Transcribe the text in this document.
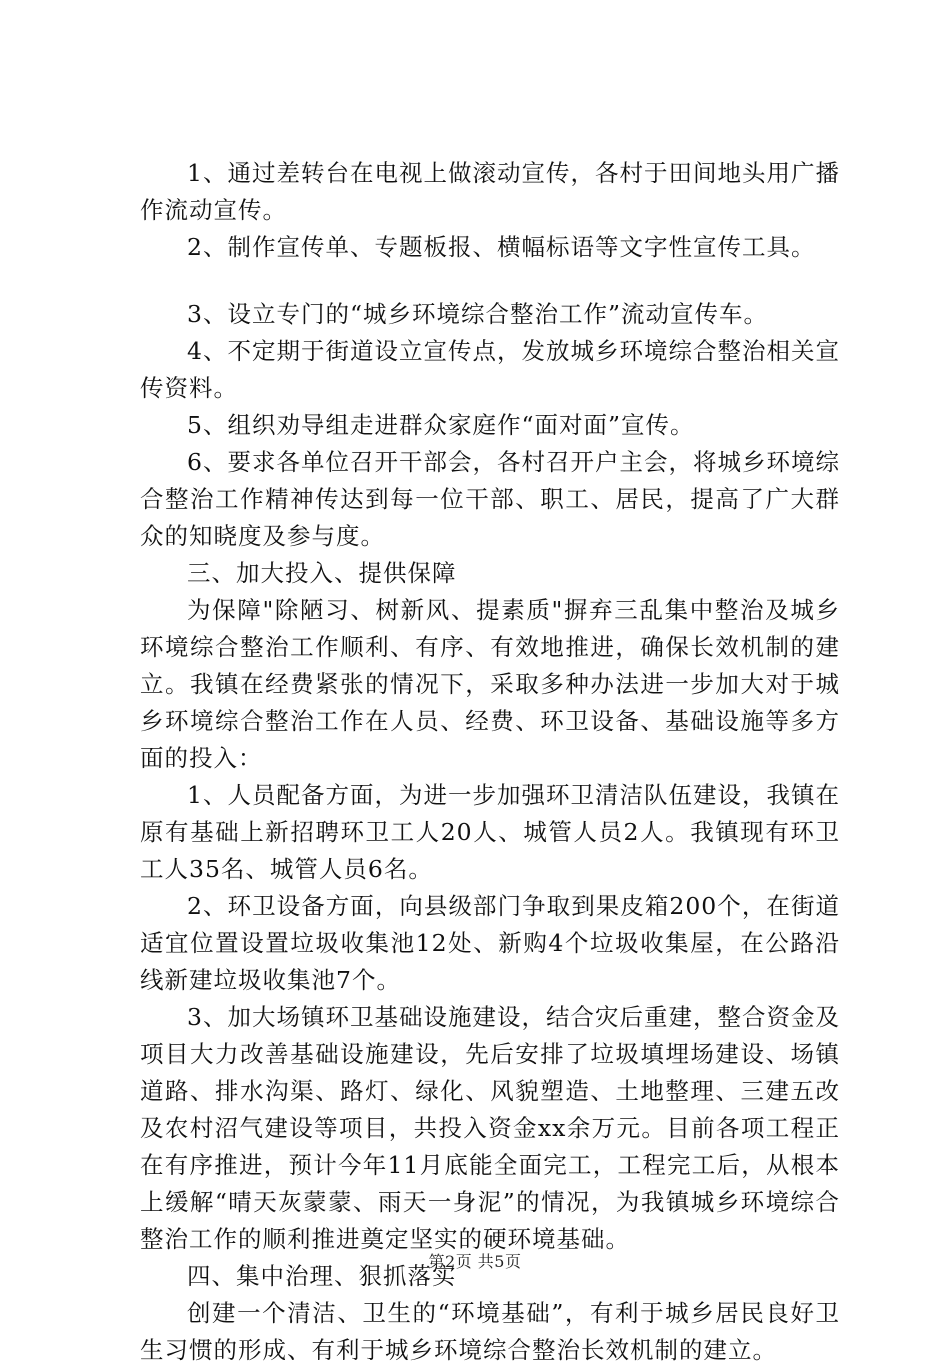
1、通过差转台在电视上做滚动宣传，各村于田间地头用广播作流动宣传。

2、制作宣传单、专题板报、横幅标语等文字性宣传工具。

3、设立专门的“城乡环境综合整治工作”流动宣传车。

4、不定期于街道设立宣传点，发放城乡环境综合整治相关宣传资料。

5、组织劝导组走进群众家庭作“面对面”宣传。

6、要求各单位召开干部会，各村召开户主会，将城乡环境综合整治工作精神传达到每一位干部、职工、居民，提高了广大群众的知晓度及参与度。

三、加大投入、提供保障

为保障"除陋习、树新风、提素质"摒弃三乱集中整治及城乡环境综合整治工作顺利、有序、有效地推进，确保长效机制的建立。我镇在经费紧张的情况下，采取多种办法进一步加大对于城乡环境综合整治工作在人员、经费、环卫设备、基础设施等多方面的投入：

1、人员配备方面，为进一步加强环卫清洁队伍建设，我镇在原有基础上新招聘环卫工人20人、城管人员2人。我镇现有环卫工人35名、城管人员6名。

2、环卫设备方面，向县级部门争取到果皮箱200个，在街道适宜位置设置垃圾收集池12处、新购4个垃圾收集屋，在公路沿线新建垃圾收集池7个。

3、加大场镇环卫基础设施建设，结合灾后重建，整合资金及项目大力改善基础设施建设，先后安排了垃圾填埋场建设、场镇道路、排水沟渠、路灯、绿化、风貌塑造、土地整理、三建五改及农村沼气建设等项目，共投入资金xx余万元。目前各项工程正在有序推进，预计今年11月底能全面完工，工程完工后，从根本上缓解“晴天灰蒙蒙、雨天一身泥”的情况，为我镇城乡环境综合整治工作的顺利推进奠定坚实的硬环境基础。

四、集中治理、狠抓落实

创建一个清洁、卫生的“环境基础”，有利于城乡居民良好卫生习惯的形成、有利于城乡环境综合整治长效机制的建立。

第2页 共5页
